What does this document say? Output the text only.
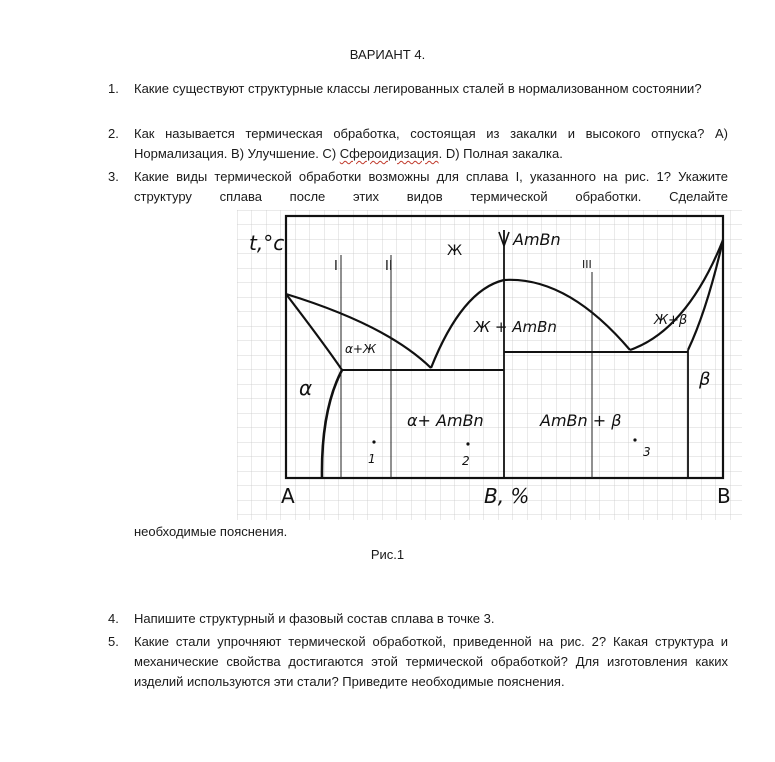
ВАРИАНТ 4.
1.	Какие существуют структурные классы легированных сталей в нормализованном состоянии?
2.	Как называется термическая обработка, состоящая из закалки и высокого отпуска? А) Нормализация. В) Улучшение. С) Сфероидизация. D) Полная закалка.
3.	Какие виды термической обработки возможны для сплава I, указанного на рис. 1? Укажите структуру сплава после этих видов термической обработки. Сделайте
t,°c
I	II	III
Ж
AmBn
Ж + AmBn	Ж+β
α+Ж
α	β
α+ AmBn	AmBn + β
1	2
3
A	B, %	B
необходимые пояснения.
Рис.1
4.	Напишите структурный и фазовый состав сплава в точке 3.
5.	Какие стали упрочняют термической обработкой, приведенной на рис. 2? Какая структура и механические свойства достигаются этой термической обработкой? Для изготовления каких изделий используются эти стали? Приведите необходимые пояснения.
